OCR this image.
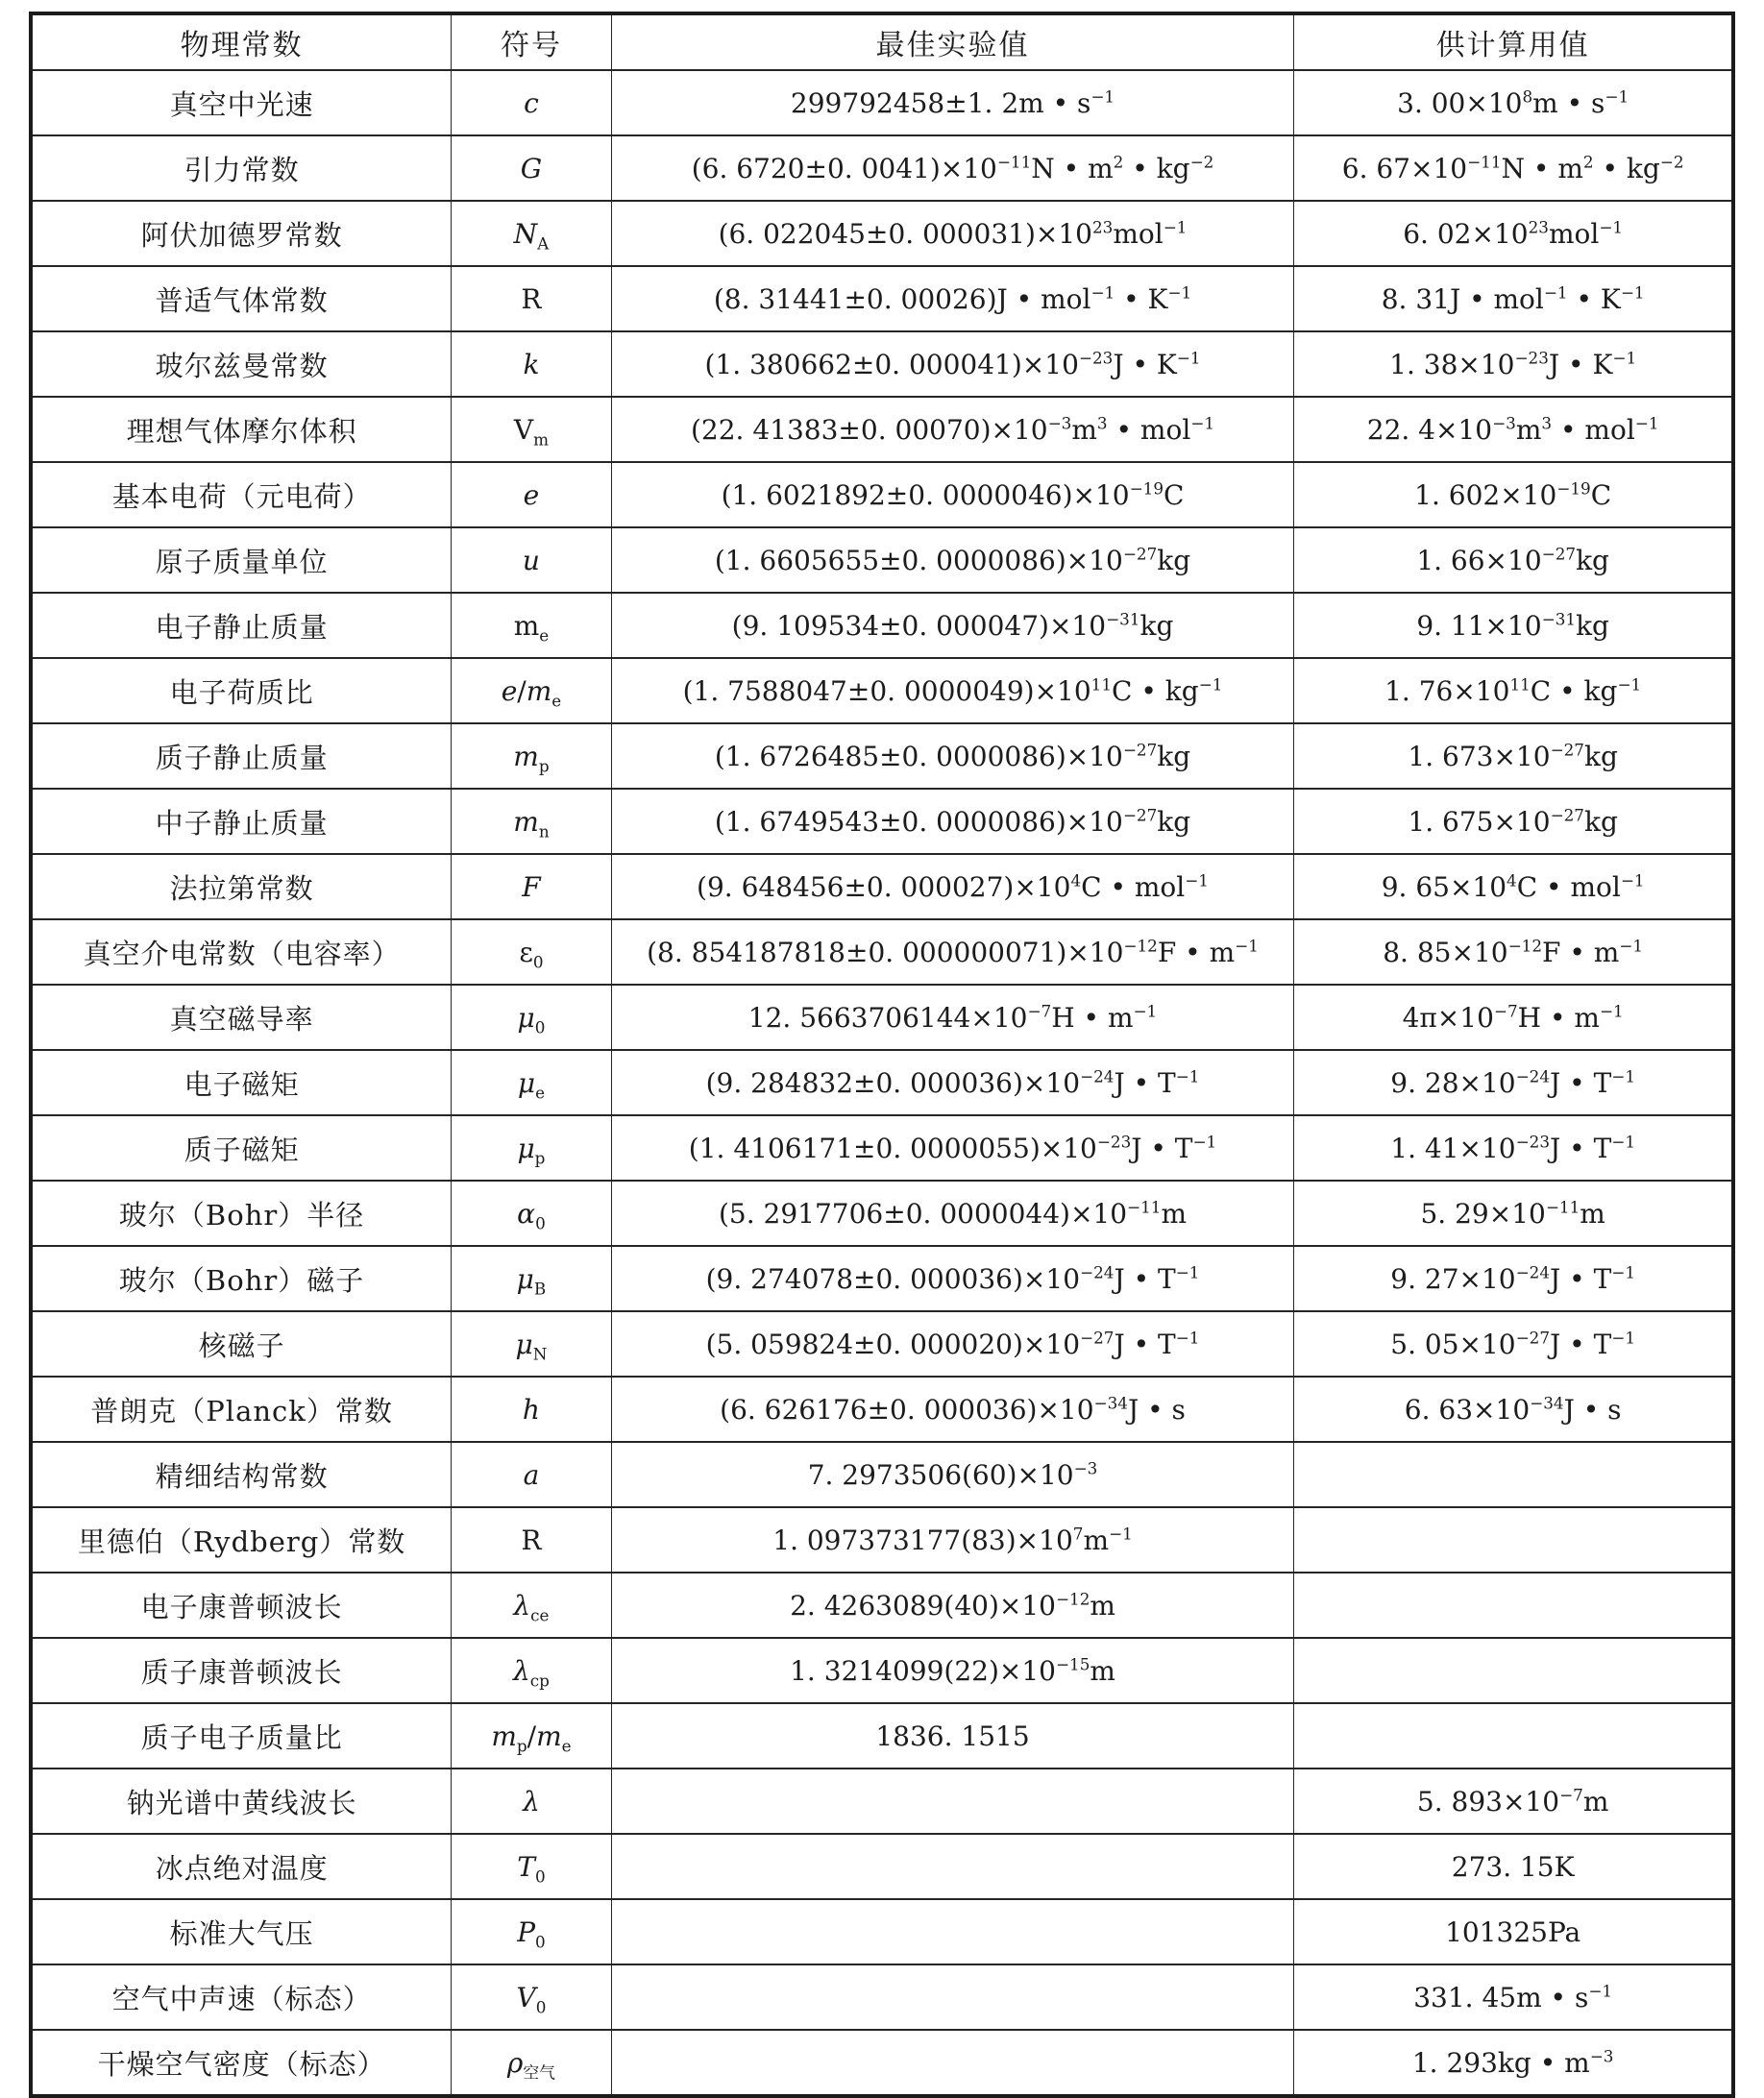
物理常数	符号	最佳实验值	供计算用值
真空中光速	c	299792458±1. 2m • $s^{-1}$	3. $00\times 10^8m$ • $s^{-1}$
引力常数	G	(6. 6720±0. $0041)\times 10^{-11}N$ • $m^2$ • $kg^{-2}$	6. $67\times 10^{-11}N$ • $m^2$ • $kg^{-2}$
阿伏加德罗常数	$N_A$	(6. 022045±0. $000031)\times 10^{23}mol^{-1}$	6. $02\times 10^{23}mol^{-1}$
普适气体常数	R	(8. 31441±0. 00026)J • mol$^{-1}$ • $K^{-1}$	8. 31J • mol$^{-1}$ • $K^{-1}$
玻尔兹曼常数	k	(1. 380662±0. $000041)\times 10^{-23}J$ • $K^{-1}$	1. $38\times 10^{-23}J$ • $K^{-1}$
理想气体摩尔体积	$V_m$	(22. 41383±0. $00070)\times 10^{-3}m^3$ • mol$^{-1}$	22. $4\times 10^{-3}m^3$ • mol$^{-1}$
基本电荷（元电荷）	e	(1. 6021892±0. $0000046)\times 10^{-19}C$	1. $602\times 10^{-19}C$
原子质量单位	u	(1. 6605655±0. $0000086)\times 10^{-27}kg$	1. $66\times 10^{-27}kg$
电子静止质量	$m_e$	(9. 109534±0. $000047)\times 10^{-31}kg$	9. $11\times 10^{-31}kg$
电子荷质比	$e/m_e$	(1. 7588047±0. $0000049)\times 10^{11}C$ • $kg^{-1}$	1. $76\times 10^{11}C$ • $kg^{-1}$
质子静止质量	$m_p$	(1. 6726485±0. $0000086)\times 10^{-27}kg$	1. $673\times 10^{-27}kg$
中子静止质量	$m_n$	(1. 6749543±0. $0000086)\times 10^{-27}kg$	1. $675\times 10^{-27}kg$
法拉第常数	F	(9. 648456±0. $000027)\times 10^4C$ • mol$^{-1}$	9. $65\times 10^4C$ • mol$^{-1}$
真空介电常数（电容率）	$\varepsilon_0$	(8. 854187818±0. $000000071)\times 10^{-12}F$ • $m^{-1}$	8. $85\times 10^{-12}F$ • $m^{-1}$
真空磁导率	$\mu_0$	12. $5663706144\times 10^{-7}H$ • $m^{-1}$	$4\pi\times 10^{-7}H$ • $m^{-1}$
电子磁矩	$\mu_e$	(9. 284832±0. $000036)\times 10^{-24}J$ • $T^{-1}$	9. $28\times 10^{-24}J$ • $T^{-1}$
质子磁矩	$\mu_p$	(1. 4106171±0. $0000055)\times 10^{-23}J$ • $T^{-1}$	1. $41\times 10^{-23}J$ • $T^{-1}$
玻尔（Bohr）半径	$\alpha_0$	(5. 2917706±0. $0000044)\times 10^{-11}m$	5. $29\times 10^{-11}m$
玻尔（Bohr）磁子	$\mu_B$	(9. 274078±0. $000036)\times 10^{-24}J$ • $T^{-1}$	9. $27\times 10^{-24}J$ • $T^{-1}$
核磁子	$\mu_N$	(5. 059824±0. $000020)\times 10^{-27}J$ • $T^{-1}$	5. $05\times 10^{-27}J$ • $T^{-1}$
普朗克（Planck）常数	h	(6. 626176±0. $000036)\times 10^{-34}J$ • s	6. $63\times 10^{-34}J$ • s
精细结构常数	a	7. $2973506(60)\times 10^{-3}$	
里德伯（Rydberg）常数	R	1. $097373177(83)\times 10^7m^{-1}$	
电子康普顿波长	$\lambda_{ce}$	2. $4263089(40)\times 10^{-12}m$	
质子康普顿波长	$\lambda_{cp}$	1. $3214099(22)\times 10^{-15}m$	
质子电子质量比	$m_p/m_e$	1836. 1515	
钠光谱中黄线波长	λ		5. $893\times 10^{-7}m$
冰点绝对温度	$T_0$		273. 15K
标准大气压	$P_0$		101325Pa
空气中声速（标态）	$V_0$		331. 45m • $s^{-1}$
干燥空气密度（标态）	$\rho_{空气}$		1. 293kg • $m^{-3}$
